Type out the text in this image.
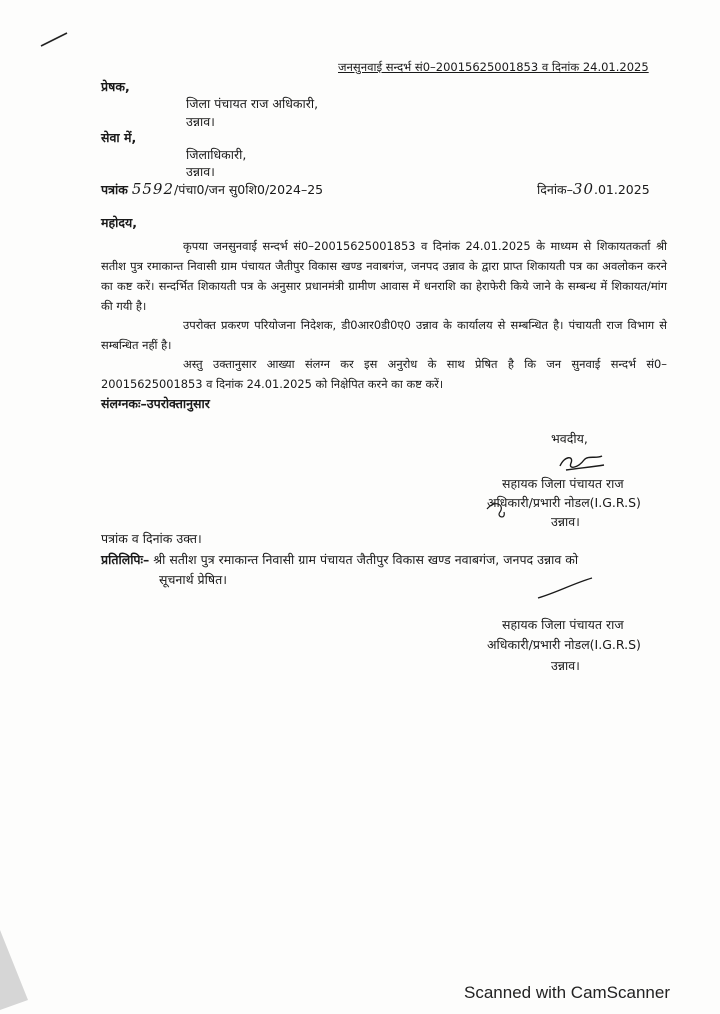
जनसुनवाई सन्दर्भ सं0–20015625001853 व दिनांक 24.01.2025
प्रेषक,
जिला पंचायत राज अधिकारी,
उन्नाव।
सेवा में,
जिलाधिकारी,
उन्नाव।
पत्रांक 5592/पंचा0/जन सु0शि0/2024–25	दिनांक–30.01.2025
महोदय,
कृपया जनसुनवाई सन्दर्भ सं0–20015625001853 व दिनांक 24.01.2025 के माध्यम से शिकायतकर्ता श्री सतीश पुत्र रमाकान्त निवासी ग्राम पंचायत जैतीपुर विकास खण्ड नवाबगंज, जनपद उन्नाव के द्वारा प्राप्त शिकायती पत्र का अवलोकन करने का कष्ट करें। सन्दर्भित शिकायती पत्र के अनुसार प्रधानमंत्री ग्रामीण आवास में धनराशि का हेराफेरी किये जाने के सम्बन्ध में शिकायत/मांग की गयी है।
उपरोक्त प्रकरण परियोजना निदेशक, डी0आर0डी0ए0 उन्नाव के कार्यालय से सम्बन्धित है। पंचायती राज विभाग से सम्बन्धित नहीं है।
अस्तु उक्तानुसार आख्या संलग्न कर इस अनुरोध के साथ प्रेषित है कि जन सुनवाई सन्दर्भ सं0–20015625001853 व दिनांक 24.01.2025 को निक्षेपित करने का कष्ट करें।
संलग्नकः–उपरोक्तानुसार
भवदीय,
सहायक जिला पंचायत राज
अधिकारी/प्रभारी नोडल(I.G.R.S)
उन्नाव।
पत्रांक व दिनांक उक्त।
प्रतिलिपिः– श्री सतीश पुत्र रमाकान्त निवासी ग्राम पंचायत जैतीपुर विकास खण्ड नवाबगंज, जनपद उन्नाव को
सूचनार्थ प्रेषित।
सहायक जिला पंचायत राज
अधिकारी/प्रभारी नोडल(I.G.R.S)
उन्नाव।
Scanned with CamScanner
